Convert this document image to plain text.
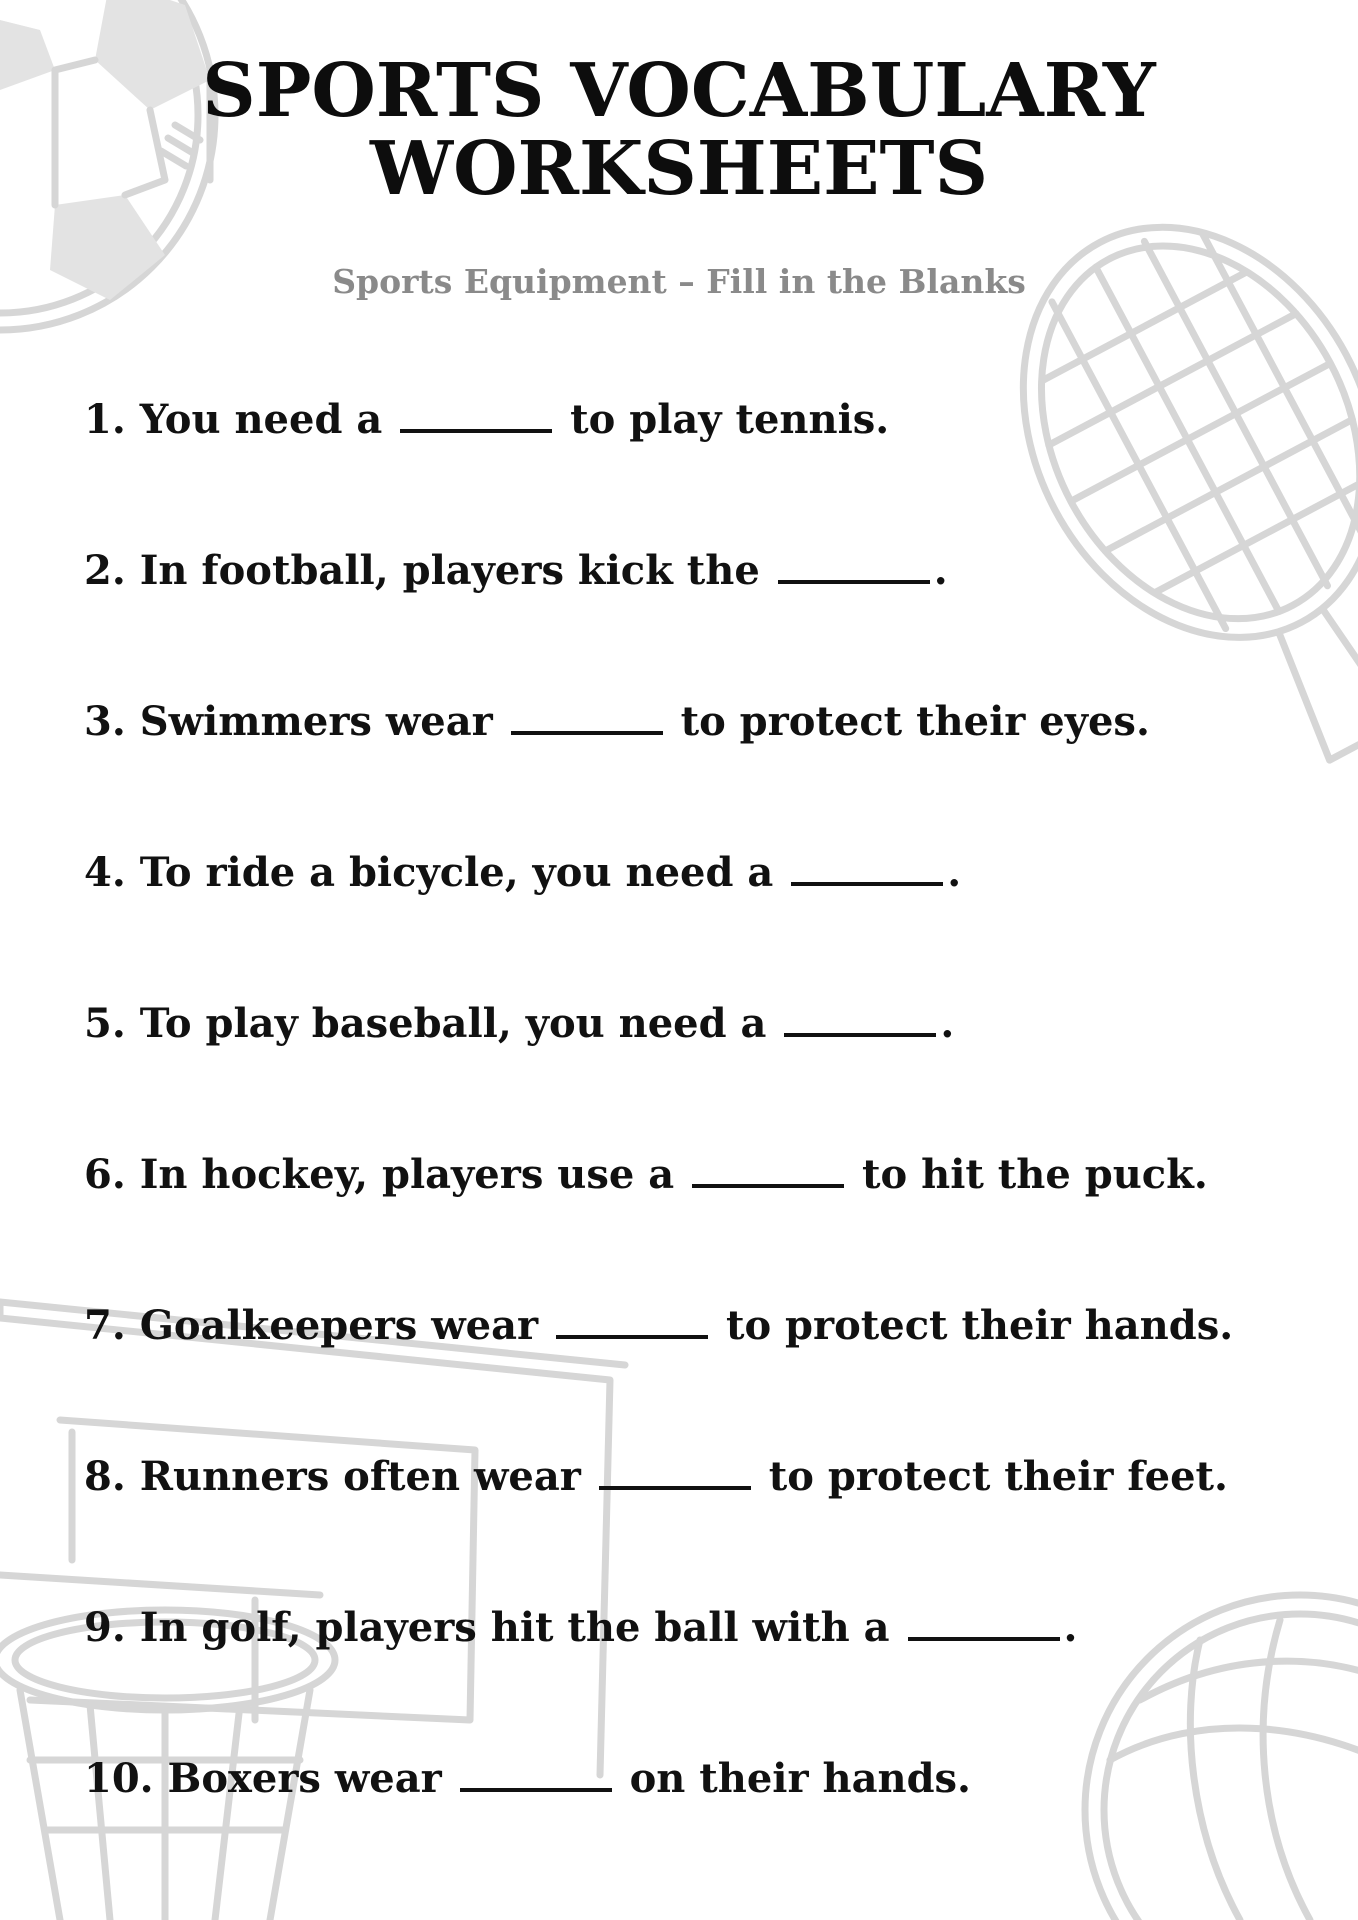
SPORTS VOCABULARY
WORKSHEETS
Sports Equipment – Fill in the Blanks
1. You need a	to play tennis.
2. In football, players kick the	.
3. Swimmers wear	to protect their eyes.
4. To ride a bicycle, you need a	.
5. To play baseball, you need a	.
6. In hockey, players use a	to hit the puck.
7. Goalkeepers wear	to protect their hands.
8. Runners often wear	to protect their feet.
9. In golf, players hit the ball with a	.
10. Boxers wear	on their hands.
